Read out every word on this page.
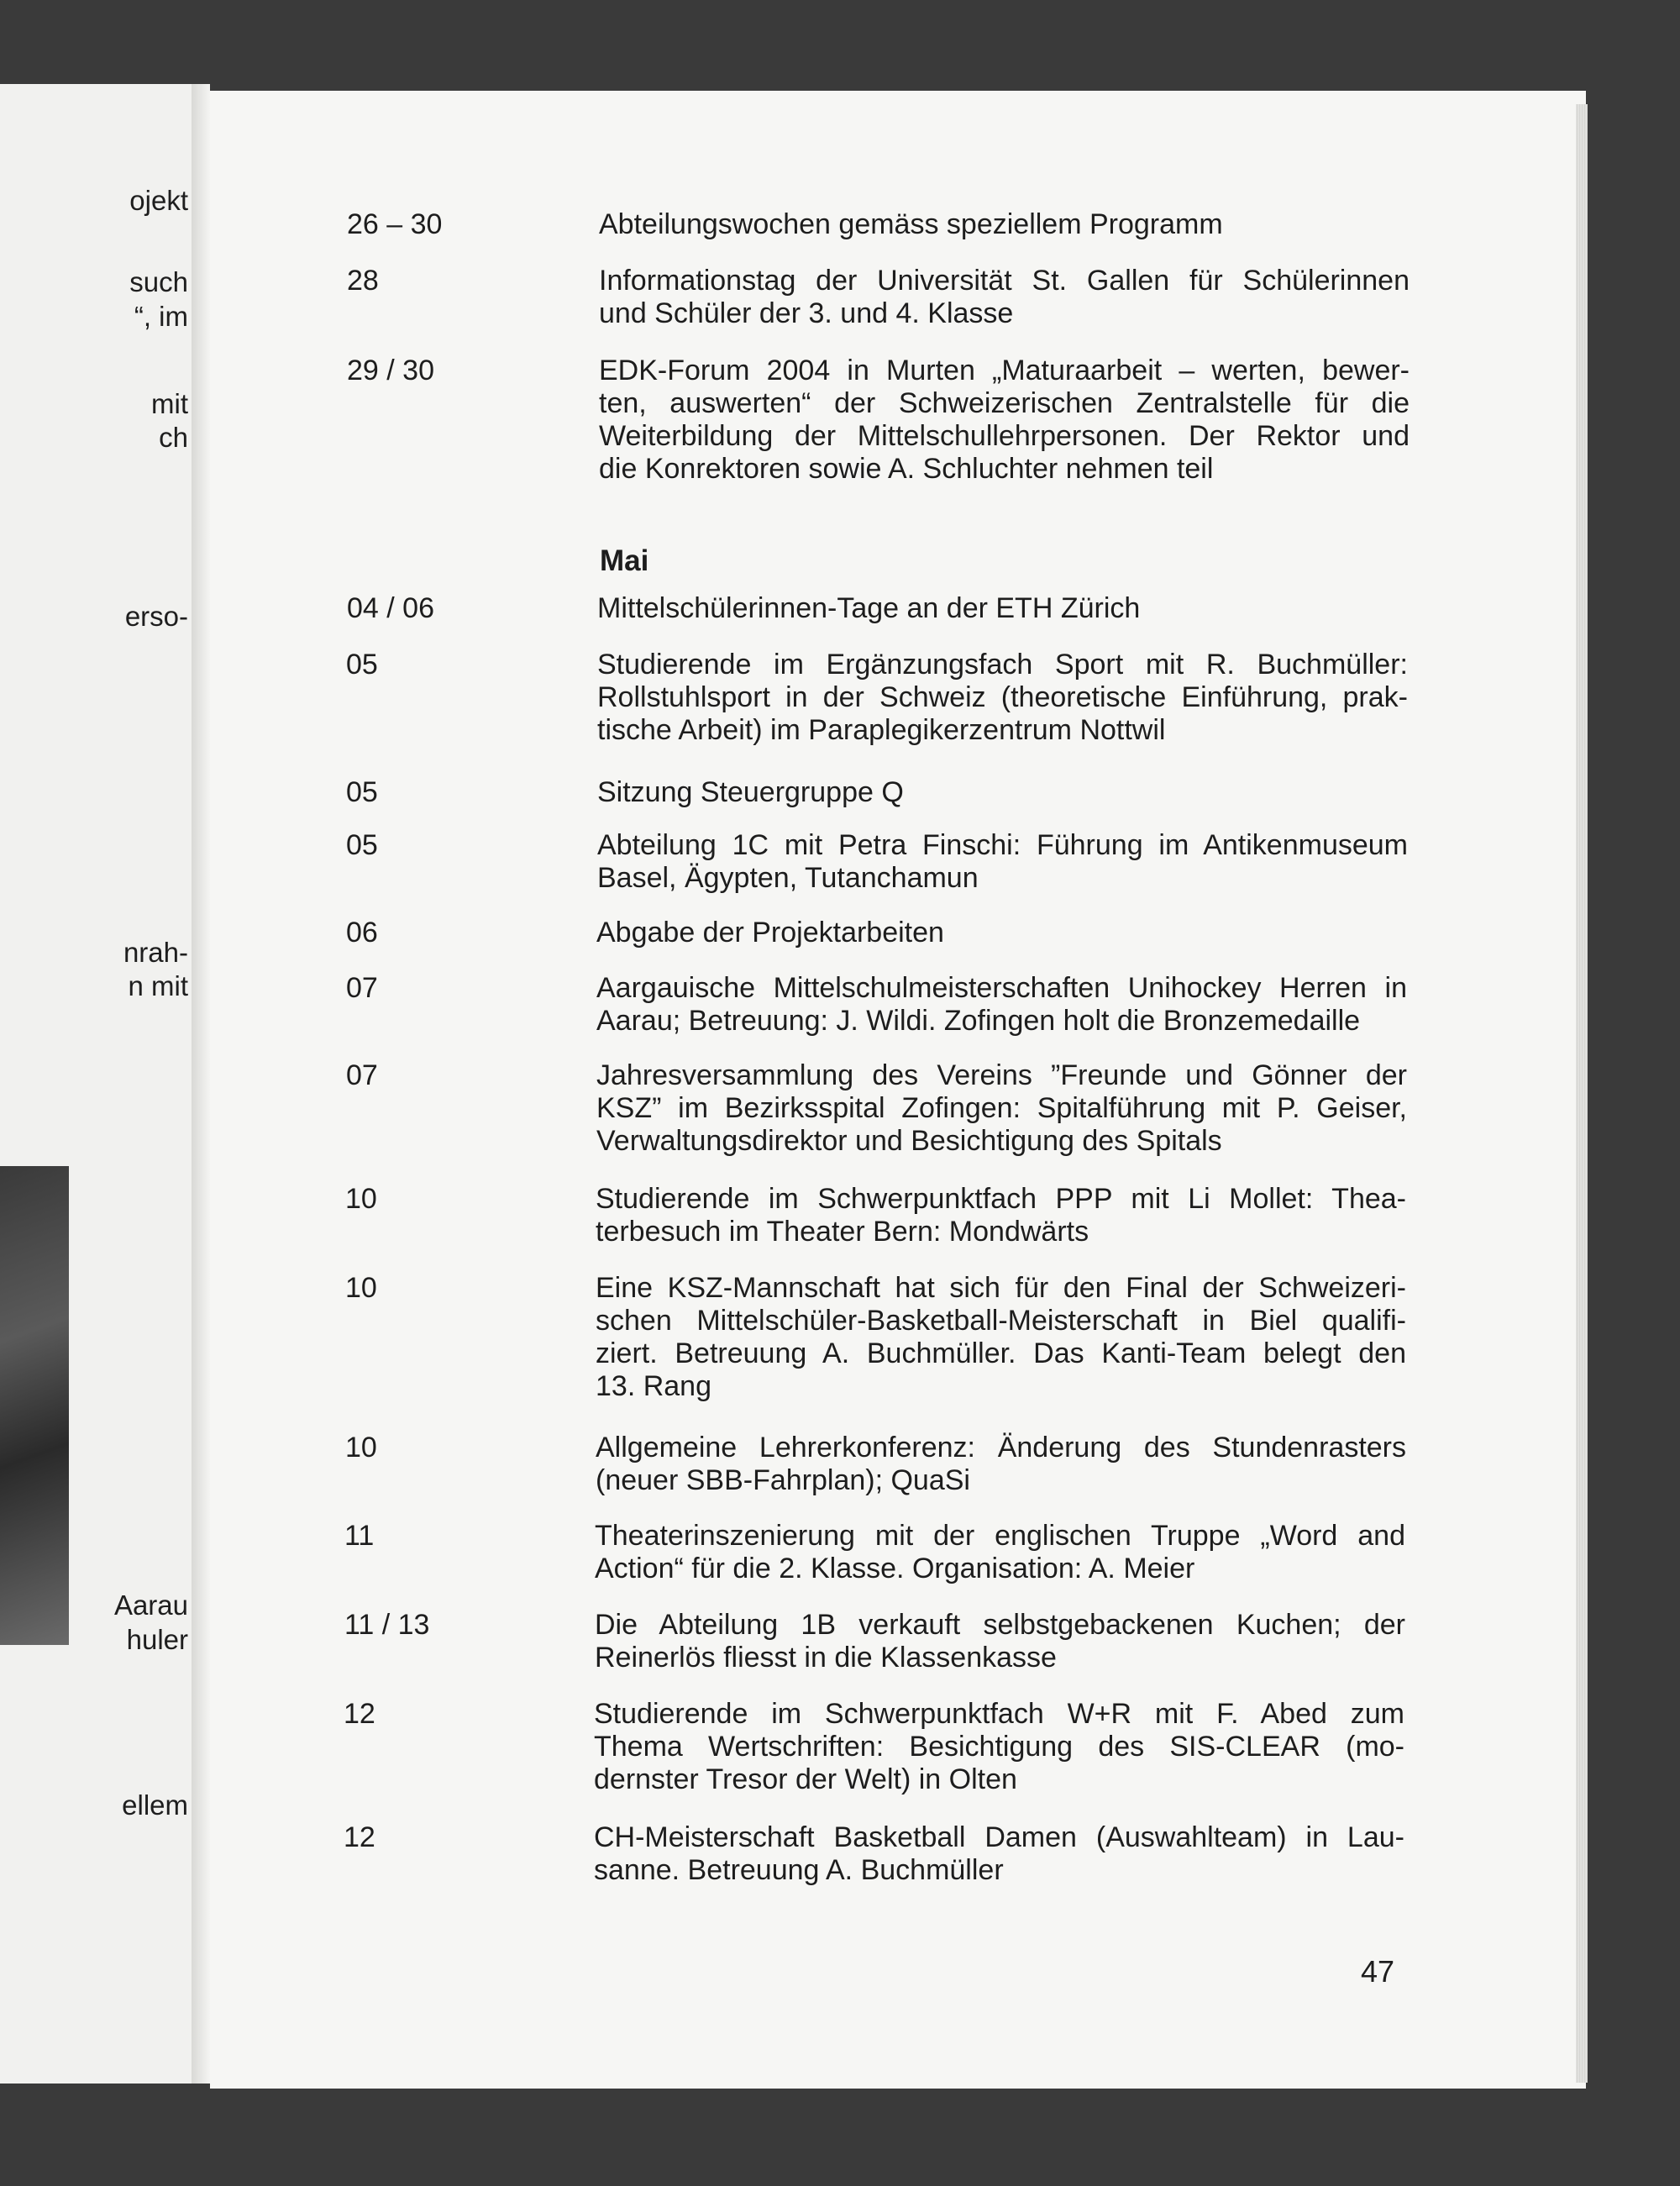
ojekt

such

“, im

mit

ch

erso-

nrah-

n mit

Aarau

huler

ellem

Mai

26 – 30	Abteilungswochen gemäss speziellem Programm

28	Informationstag der Universität St. Gallen für Schülerinnen
und Schüler der 3. und 4. Klasse

29 / 30	EDK-Forum 2004 in Murten „Maturaarbeit – werten, bewer-
ten, auswerten“ der Schweizerischen Zentralstelle für die
Weiterbildung der Mittelschullehrpersonen. Der Rektor und
die Konrektoren sowie A. Schluchter nehmen teil

04 / 06	Mittelschülerinnen-Tage an der ETH Zürich

05	Studierende im Ergänzungsfach Sport mit R. Buchmüller:
Rollstuhlsport in der Schweiz (theoretische Einführung, prak-
tische Arbeit) im Paraplegikerzentrum Nottwil

05	Sitzung Steuergruppe Q

05	Abteilung 1C mit Petra Finschi: Führung im Antikenmuseum
Basel, Ägypten, Tutanchamun

06	Abgabe der Projektarbeiten

07	Aargauische Mittelschulmeisterschaften Unihockey Herren in
Aarau; Betreuung: J. Wildi. Zofingen holt die Bronzemedaille

07	Jahresversammlung des Vereins ”Freunde und Gönner der
KSZ” im Bezirksspital Zofingen: Spitalführung mit P. Geiser,
Verwaltungsdirektor und Besichtigung des Spitals

10	Studierende im Schwerpunktfach PPP mit Li Mollet: Thea-
terbesuch im Theater Bern: Mondwärts

10	Eine KSZ-Mannschaft hat sich für den Final der Schweizeri-
schen Mittelschüler-Basketball-Meisterschaft in Biel qualifi-
ziert. Betreuung A. Buchmüller. Das Kanti-Team belegt den
13. Rang

10	Allgemeine Lehrerkonferenz: Änderung des Stundenrasters
(neuer SBB-Fahrplan); QuaSi

11	Theaterinszenierung mit der englischen Truppe „Word and
Action“ für die 2. Klasse. Organisation: A. Meier

11 / 13	Die Abteilung 1B verkauft selbstgebackenen Kuchen; der
Reinerlös fliesst in die Klassenkasse

12	Studierende im Schwerpunktfach W+R mit F. Abed zum
Thema Wertschriften: Besichtigung des SIS-CLEAR (mo-
dernster Tresor der Welt) in Olten

12	CH-Meisterschaft Basketball Damen (Auswahlteam) in Lau-
sanne. Betreuung A. Buchmüller

47
